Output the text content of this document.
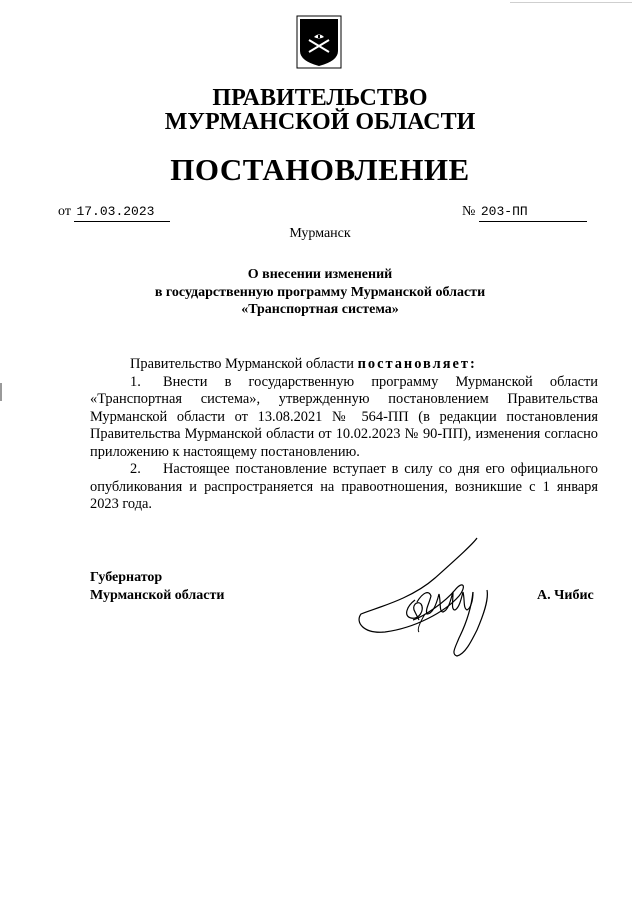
ПРАВИТЕЛЬСТВО
МУРМАНСКОЙ ОБЛАСТИ
ПОСТАНОВЛЕНИЕ
от 17.03.2023	№ 203-ПП
Мурманск
О внесении изменений
в государственную программу Мурманской области
«Транспортная система»

Правительство Мурманской области постановляет:

1. Внести в государственную программу Мурманской области «Транспортная система», утвержденную постановлением Правительства Мурманской области от 13.08.2021 № 564-ПП (в редакции постановления Правительства Мурманской области от 10.02.2023 № 90-ПП), изменения согласно приложению к настоящему постановлению.

2. Настоящее постановление вступает в силу со дня его официального опубликования и распространяется на правоотношения, возникшие с 1 января 2023 года.

Губернатор
Мурманской области	А. Чибис
